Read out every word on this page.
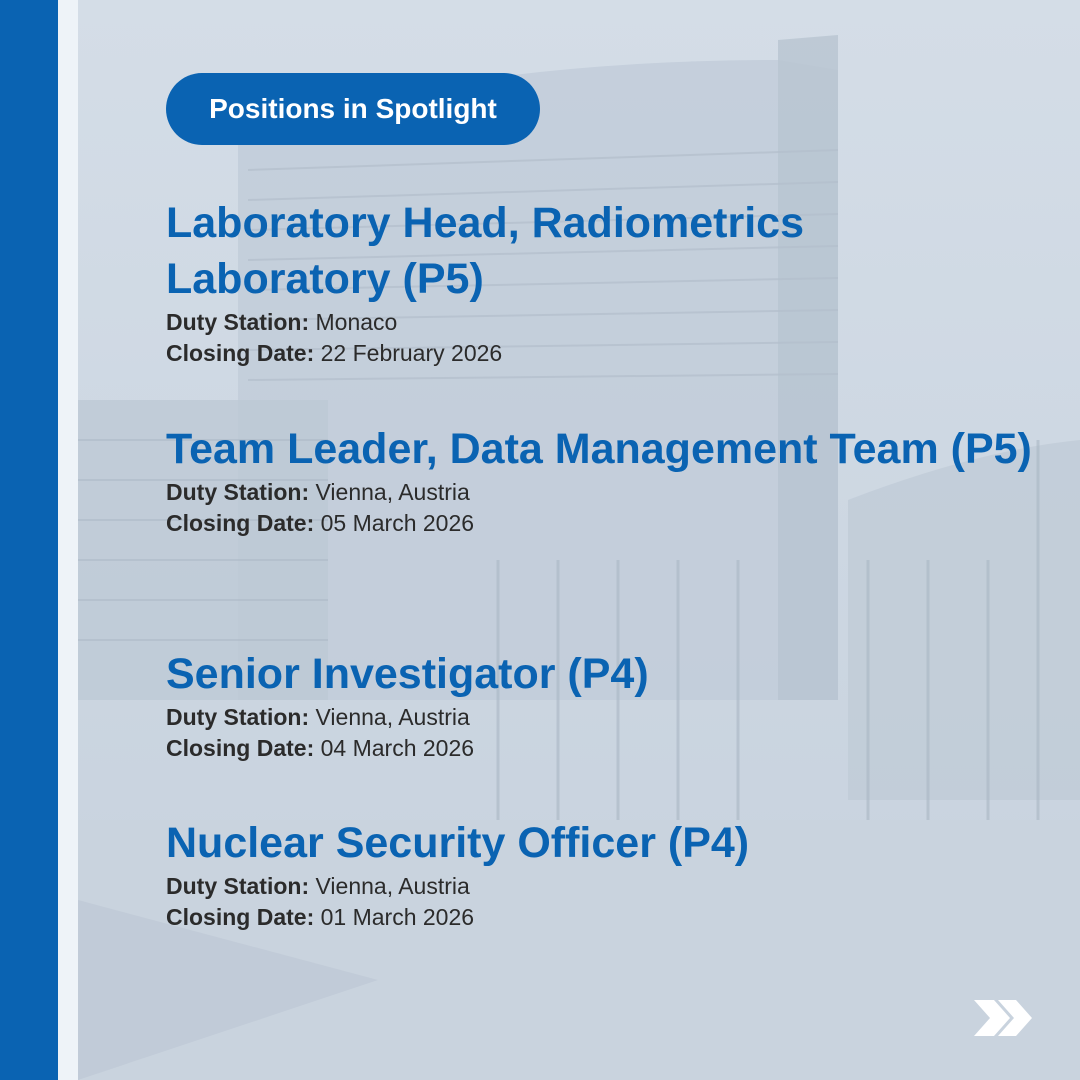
Positions in Spotlight
Laboratory Head, Radiometrics Laboratory (P5)
Duty Station: Monaco
Closing Date: 22 February 2026
Team Leader, Data Management Team (P5)
Duty Station: Vienna, Austria
Closing Date: 05 March 2026
Senior Investigator (P4)
Duty Station: Vienna, Austria
Closing Date: 04 March 2026
Nuclear Security Officer (P4)
Duty Station: Vienna, Austria
Closing Date: 01 March 2026
